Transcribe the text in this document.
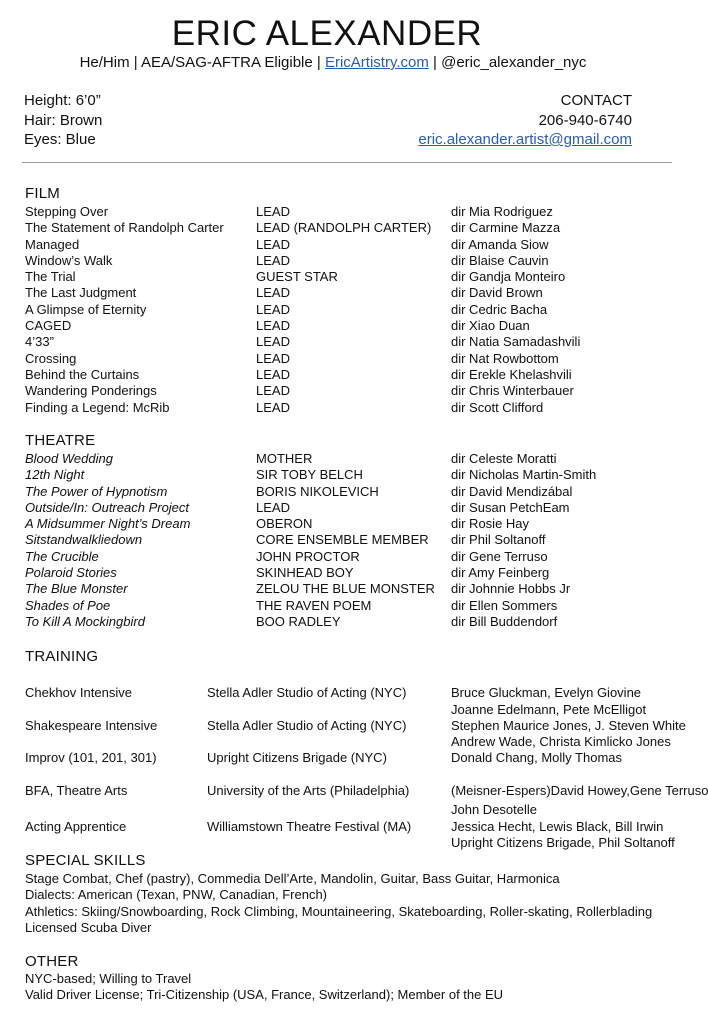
ERIC ALEXANDER
He/Him | AEA/SAG-AFTRA Eligible | EricArtistry.com | @eric_alexander_nyc
Height: 6’0”
Hair: Brown
Eyes: Blue
CONTACT
206-940-6740
eric.alexander.artist@gmail.com
FILM
Stepping Over	LEAD	dir Mia Rodriguez
The Statement of Randolph Carter LEAD (RANDOLPH CARTER) dir Carmine Mazza
Managed	LEAD	dir Amanda Siow
Window’s Walk	LEAD	dir Blaise Cauvin
The Trial	GUEST STAR	dir Gandja Monteiro
The Last Judgment	LEAD	dir David Brown
A Glimpse of Eternity	LEAD	dir Cedric Bacha
CAGED	LEAD	dir Xiao Duan
4’33”	LEAD	dir Natia Samadashvili
Crossing	LEAD	dir Nat Rowbottom
Behind the Curtains	LEAD	dir Erekle Khelashvili
Wandering Ponderings	LEAD	dir Chris Winterbauer
Finding a Legend: McRib	LEAD	dir Scott Clifford
THEATRE
Blood Wedding	MOTHER	dir Celeste Moratti
12th Night	SIR TOBY BELCH	dir Nicholas Martin-Smith
The Power of Hypnotism	BORIS NIKOLEVICH	dir David Mendizábal
Outside/In: Outreach Project	LEAD	dir Susan PetchEam
A Midsummer Night’s Dream	OBERON	dir Rosie Hay
Sitstandwalkliedown	CORE ENSEMBLE MEMBER dir Phil Soltanoff
The Crucible	JOHN PROCTOR	dir Gene Terruso
Polaroid Stories	SKINHEAD BOY	dir Amy Feinberg
The Blue Monster	ZELOU THE BLUE MONSTER dir Johnnie Hobbs Jr
Shades of Poe	THE RAVEN POEM	dir Ellen Sommers
To Kill A Mockingbird	BOO RADLEY	dir Bill Buddendorf
TRAINING
Chekhov Intensive	Stella Adler Studio of Acting (NYC)	Bruce Gluckman, Evelyn Giovine
Joanne Edelmann, Pete McElligot
Shakespeare Intensive	Stella Adler Studio of Acting (NYC)	Stephen Maurice Jones, J. Steven White
Andrew Wade, Christa Kimlicko Jones
Improv (101, 201, 301)	Upright Citizens Brigade (NYC)	Donald Chang, Molly Thomas
BFA, Theatre Arts	University of the Arts (Philadelphia)	(Meisner-Espers)David Howey,Gene Terruso
John Desotelle
Acting Apprentice	Williamstown Theatre Festival (MA)	Jessica Hecht, Lewis Black, Bill Irwin
Upright Citizens Brigade, Phil Soltanoff
SPECIAL SKILLS
Stage Combat, Chef (pastry), Commedia Dell’Arte, Mandolin, Guitar, Bass Guitar, Harmonica
Dialects: American (Texan, PNW, Canadian, French)
Athletics: Skiing/Snowboarding, Rock Climbing, Mountaineering, Skateboarding, Roller-skating, Rollerblading
Licensed Scuba Diver
OTHER
NYC-based; Willing to Travel
Valid Driver License; Tri-Citizenship (USA, France, Switzerland); Member of the EU
